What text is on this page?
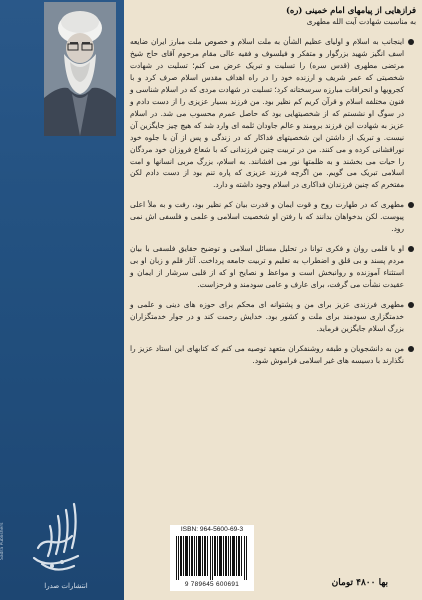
فرازهایی از پیامهای امام خمینی (ره)

به مناسبت شهادت آیت الله مطهری

اینجانب به اسلام و اولیای عظیم الشأن به ملت اسلام و خصوص ملت مبارز ایران ضایعه اسف انگیز شهید بزرگوار و متفکر و فیلسوف و فقیه عالی مقام مرحوم آقای حاج شیخ مرتضی مطهری (قدس سره) را تسلیت و تبریک عرض می کنم؛ تسلیت در شهادت شخصیتی که عمر شریف و ارزنده خود را در راه اهداف مقدس اسلام صرف کرد و با کجرویها و انحرافات مبارزه سرسختانه کرد؛ تسلیت در شهادت مردی که در اسلام شناسی و فنون مختلفه اسلام و قرآن کریم کم نظیر بود. من فرزند بسیار عزیزی را از دست دادم و در سوگ او نشستم که از شخصیتهایی بود که حاصل عمرم محسوب می شد. در اسلام عزیز به شهادت این فرزند برومند و عالم جاودان ثلمه ای وارد شد که هیچ چیز جایگزین آن نیست. و تبریک از داشتن این شخصیتهای فداکار که در زندگی و پس از آن با جلوه خود نورافشانی کرده و می کنند. من در تربیت چنین فرزندانی که با شعاع فروزان خود مردگان را حیات می بخشند و به ظلمتها نور می افشانند. به اسلام، بزرگ مربی انسانها و امت اسلامی تبریک می گویم. من اگرچه فرزند عزیزی که پاره تنم بود از دست دادم لکن مفتخرم که چنین فرزندان فداکاری در اسلام وجود داشته و دارد.
مطهری که در طهارت روح و قوت ایمان و قدرت بیان کم نظیر بود، رفت و به ملأ اعلی پیوست. لکن بدخواهان بدانند که با رفتن او شخصیت اسلامی و علمی و فلسفی اش نمی رود.
او با قلمی روان و فکری توانا در تحلیل مسائل اسلامی و توضیح حقایق فلسفی با بیان مردم پسند و بی قلق و اضطراب به تعلیم و تربیت جامعه پرداخت. آثار قلم و زبان او بی استثناء آموزنده و روانبخش است و مواعظ و نصایح او که از قلبی سرشار از ایمان و عقیدت نشأت می گرفت، برای عارف و عامی سودمند و فرحزاست.
مطهری فرزندی عزیز برای من و پشتوانه ای محکم برای حوزه های دینی و علمی و خدمتگزاری سودمند برای ملت و کشور بود. خدایش رحمت کند و در جوار خدمتگزاران بزرگ اسلام جایگزین فرماید.
من به دانشجویان و طبقه روشنفکران متعهد توصیه می کنم که کتابهای این استاد عزیز را نگذارند با دسیسه های غیر اسلامی فراموش شود.
انتشارات صدرا
Sadra Publishers	ISBN: 964-5600-69-3
9 789645 600691	بها ۴۸۰۰ تومان
